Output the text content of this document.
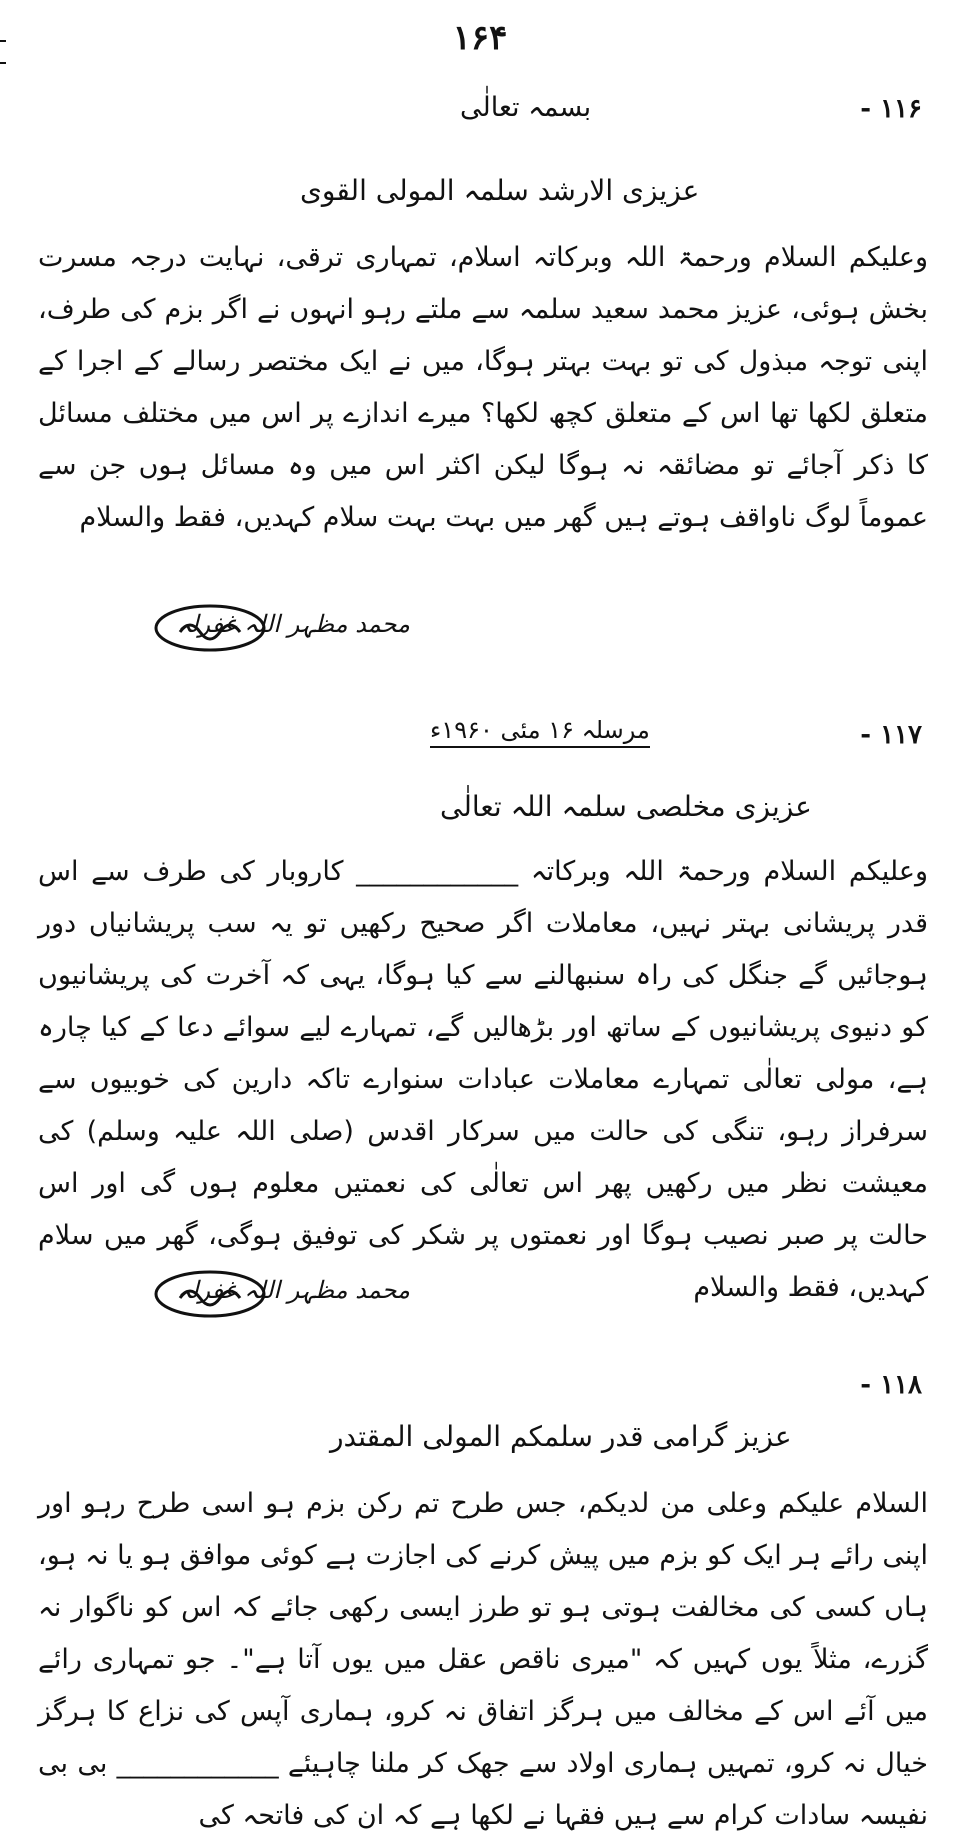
۱۶۴
۱۱۶ -
بسمہ تعالٰی
عزیزی الارشد سلمہ المولی القوی

وعلیکم السلام ورحمۃ اللہ وبرکاتہ اسلام، تمہاری ترقی، نہایت درجہ مسرت بخش ہوئی، عزیز محمد سعید سلمہ سے ملتے رہو انہوں نے اگر بزم کی طرف، اپنی توجہ مبذول کی تو بہت بہتر ہوگا، میں نے ایک مختصر رسالے کے اجرا کے متعلق لکھا تھا اس کے متعلق کچھ لکھا؟ میرے اندازے پر اس میں مختلف مسائل کا ذکر آجائے تو مضائقہ نہ ہوگا لیکن اکثر اس میں وہ مسائل ہوں جن سے عموماً لوگ ناواقف ہوتے ہیں گھر میں بہت بہت سلام کہدیں، فقط والسلام

محمد مظہر اللہ غفرلہ
۱۱۷ -
مرسلہ ۱۶ مئی ۱۹۶۰ء
عزیزی مخلصی سلمہ اللہ تعالٰی

وعلیکم السلام ورحمۃ اللہ وبرکاتہ ____________ کاروبار کی طرف سے اس قدر پریشانی بہتر نہیں، معاملات اگر صحیح رکھیں تو یہ سب پریشانیاں دور ہوجائیں گے جنگل کی راہ سنبھالنے سے کیا ہوگا، یہی کہ آخرت کی پریشانیوں کو دنیوی پریشانیوں کے ساتھ اور بڑھالیں گے، تمہارے لیے سوائے دعا کے کیا چارہ ہے، مولی تعالٰی تمہارے معاملات عبادات سنوارے تاکہ دارین کی خوبیوں سے سرفراز رہو، تنگی کی حالت میں سرکار اقدس (صلی اللہ علیہ وسلم) کی معیشت نظر میں رکھیں پھر اس تعالٰی کی نعمتیں معلوم ہوں گی اور اس حالت پر صبر نصیب ہوگا اور نعمتوں پر شکر کی توفیق ہوگی، گھر میں سلام کہدیں، فقط والسلام

محمد مظہر اللہ غفرلہ
۱۱۸ -
عزیز گرامی قدر سلمکم المولی المقتدر

السلام علیکم وعلی من لدیکم، جس طرح تم رکن بزم ہو اسی طرح رہو اور اپنی رائے ہر ایک کو بزم میں پیش کرنے کی اجازت ہے کوئی موافق ہو یا نہ ہو، ہاں کسی کی مخالفت ہوتی ہو تو طرز ایسی رکھی جائے کہ اس کو ناگوار نہ گزرے، مثلاً یوں کہیں کہ "میری ناقص عقل میں یوں آتا ہے"۔ جو تمہاری رائے میں آئے اس کے مخالف میں ہرگز اتفاق نہ کرو، ہماری آپس کی نزاع کا ہرگز خیال نہ کرو، تمہیں ہماری اولاد سے جھک کر ملنا چاہیئے ____________ بی بی نفیسہ سادات کرام سے ہیں فقہا نے لکھا ہے کہ ان کی فاتحہ کی
